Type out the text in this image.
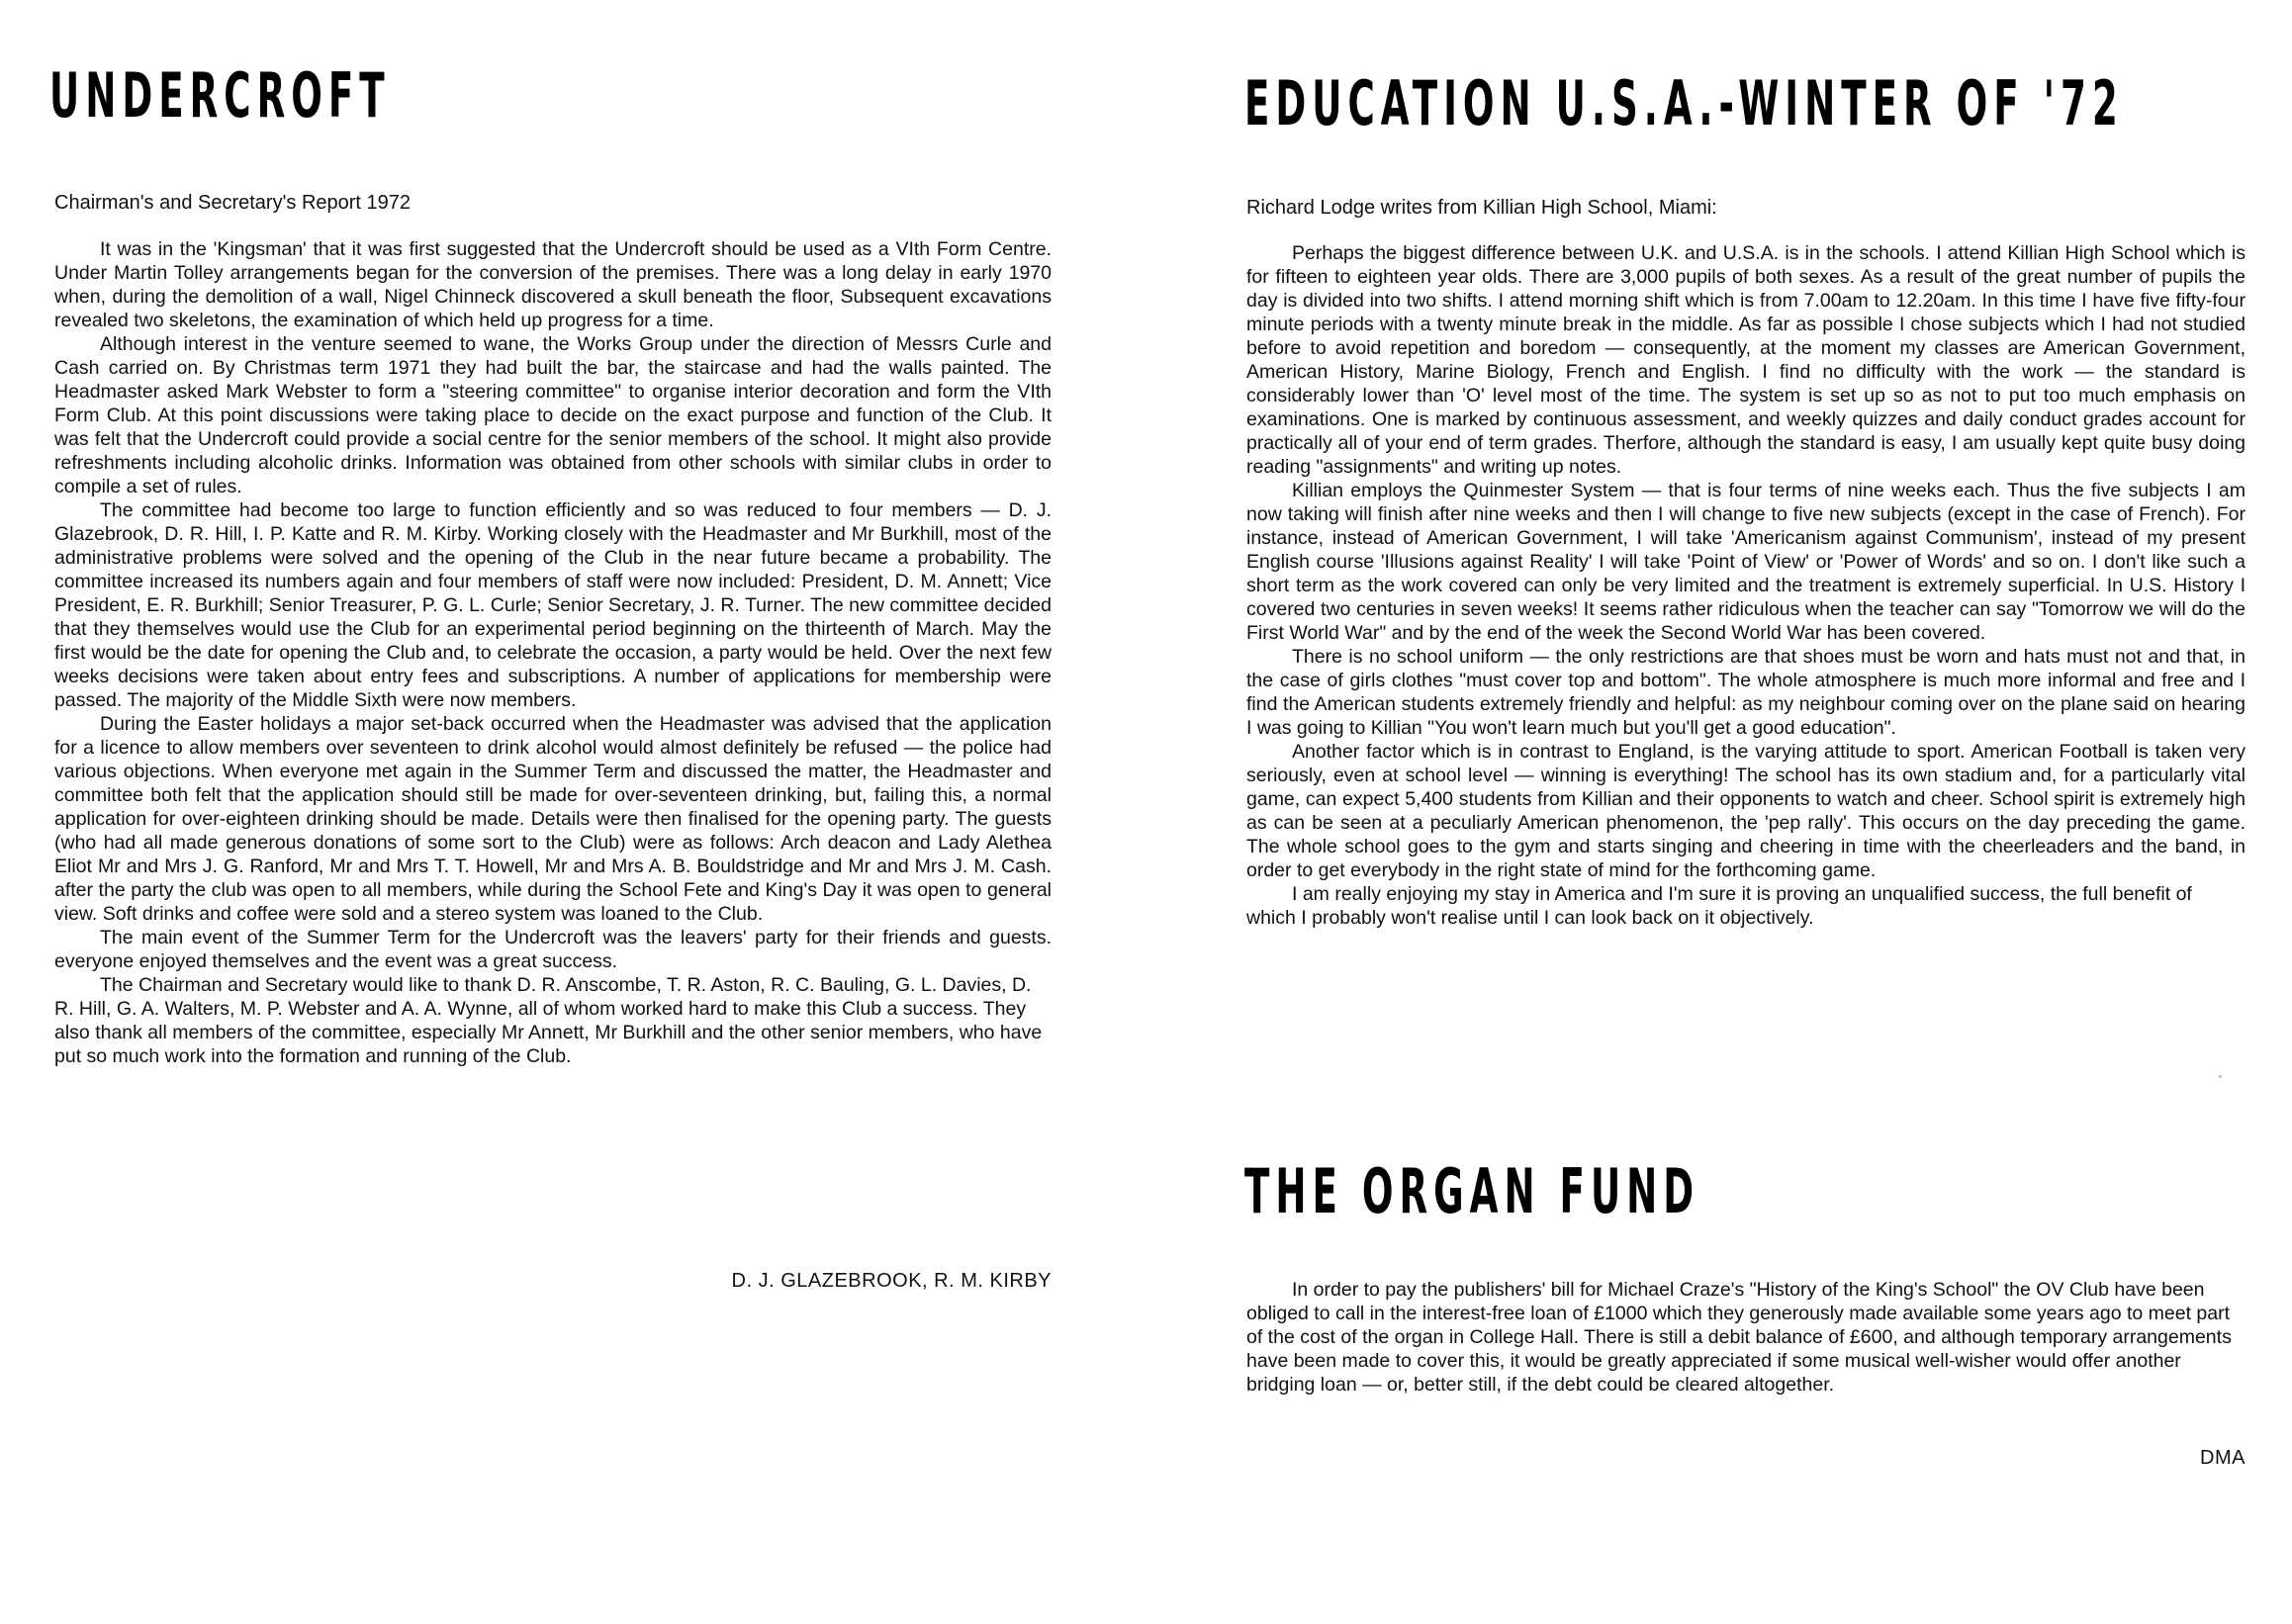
UNDERCROFT

Chairman's and Secretary's Report 1972

It was in the 'Kingsman' that it was first suggested that the Undercroft should be used as a VIth Form Centre. Under Martin Tolley arrangements began for the conversion of the premises. There was a long delay in early 1970 when, during the demolition of a wall, Nigel Chinneck discovered a skull beneath the floor, Subsequent excavations revealed two skeletons, the examination of which held up progress for a time.

Although interest in the venture seemed to wane, the Works Group under the direction of Messrs Curle and Cash carried on. By Christmas term 1971 they had built the bar, the staircase and had the walls painted. The Headmaster asked Mark Webster to form a "steering committee" to organise interior decoration and form the VIth Form Club. At this point discussions were taking place to decide on the exact purpose and function of the Club. It was felt that the Undercroft could provide a social centre for the senior members of the school. It might also provide refreshments including alcoholic drinks. Information was obtained from other schools with similar clubs in order to compile a set of rules.

The committee had become too large to function efficiently and so was reduced to four members — D. J. Glazebrook, D. R. Hill, I. P. Katte and R. M. Kirby. Working closely with the Headmaster and Mr Burkhill, most of the administrative problems were solved and the opening of the Club in the near future became a probability. The committee increased its numbers again and four members of staff were now included: President, D. M. Annett; Vice President, E. R. Burkhill; Senior Treasurer, P. G. L. Curle; Senior Secretary, J. R. Turner. The new committee decided that they themselves would use the Club for an experimental period beginning on the thirteenth of March. May the first would be the date for opening the Club and, to celebrate the occasion, a party would be held. Over the next few weeks decisions were taken about entry fees and subscriptions. A number of applications for membership were passed. The majority of the Middle Sixth were now members.

During the Easter holidays a major set-back occurred when the Headmaster was advised that the application for a licence to allow members over seventeen to drink alcohol would almost definitely be refused — the police had various objections. When everyone met again in the Summer Term and discussed the matter, the Headmaster and committee both felt that the application should still be made for over-seventeen drinking, but, failing this, a normal application for over-eighteen drinking should be made. Details were then finalised for the opening party. The guests (who had all made generous donations of some sort to the Club) were as follows: Arch deacon and Lady Alethea Eliot Mr and Mrs J. G. Ranford, Mr and Mrs T. T. Howell, Mr and Mrs A. B. Bouldstridge and Mr and Mrs J. M. Cash. after the party the club was open to all members, while during the School Fete and King's Day it was open to general view. Soft drinks and coffee were sold and a stereo system was loaned to the Club.

The main event of the Summer Term for the Undercroft was the leavers' party for their friends and guests. everyone enjoyed themselves and the event was a great success.

The Chairman and Secretary would like to thank D. R. Anscombe, T. R. Aston, R. C. Bauling, G. L. Davies, D. R. Hill, G. A. Walters, M. P. Webster and A. A. Wynne, all of whom worked hard to make this Club a success. They also thank all members of the committee, especially Mr Annett, Mr Burkhill and the other senior members, who have put so much work into the formation and running of the Club.

D. J. GLAZEBROOK, R. M. KIRBY

EDUCATION U.S.A.-WINTER OF '72

Richard Lodge writes from Killian High School, Miami:

Perhaps the biggest difference between U.K. and U.S.A. is in the schools. I attend Killian High School which is for fifteen to eighteen year olds. There are 3,000 pupils of both sexes. As a result of the great number of pupils the day is divided into two shifts. I attend morning shift which is from 7.00am to 12.20am. In this time I have five fifty-four minute periods with a twenty minute break in the middle. As far as possible I chose subjects which I had not studied before to avoid repetition and boredom — consequently, at the moment my classes are American Government, American History, Marine Biology, French and English. I find no difficulty with the work — the standard is considerably lower than 'O' level most of the time. The system is set up so as not to put too much emphasis on examinations. One is marked by continuous assessment, and weekly quizzes and daily conduct grades account for practically all of your end of term grades. Therfore, although the standard is easy, I am usually kept quite busy doing reading "assignments" and writing up notes.

Killian employs the Quinmester System — that is four terms of nine weeks each. Thus the five subjects I am now taking will finish after nine weeks and then I will change to five new subjects (except in the case of French). For instance, instead of American Government, I will take 'Americanism against Communism', instead of my present English course 'Illusions against Reality' I will take 'Point of View' or 'Power of Words' and so on. I don't like such a short term as the work covered can only be very limited and the treatment is extremely superficial. In U.S. History I covered two centuries in seven weeks! It seems rather ridiculous when the teacher can say "Tomorrow we will do the First World War" and by the end of the week the Second World War has been covered.

There is no school uniform — the only restrictions are that shoes must be worn and hats must not and that, in the case of girls clothes "must cover top and bottom". The whole atmosphere is much more informal and free and I find the American students extremely friendly and helpful: as my neighbour coming over on the plane said on hearing I was going to Killian "You won't learn much but you'll get a good education".

Another factor which is in contrast to England, is the varying attitude to sport. American Football is taken very seriously, even at school level — winning is everything! The school has its own stadium and, for a particularly vital game, can expect 5,400 students from Killian and their opponents to watch and cheer. School spirit is extremely high as can be seen at a peculiarly American phenomenon, the 'pep rally'. This occurs on the day preceding the game. The whole school goes to the gym and starts singing and cheering in time with the cheerleaders and the band, in order to get everybody in the right state of mind for the forthcoming game.

I am really enjoying my stay in America and I'm sure it is proving an unqualified success, the full benefit of which I probably won't realise until I can look back on it objectively.

THE ORGAN FUND

In order to pay the publishers' bill for Michael Craze's "History of the King's School" the OV Club have been obliged to call in the interest-free loan of £1000 which they generously made available some years ago to meet part of the cost of the organ in College Hall. There is still a debit balance of £600, and although temporary arrangements have been made to cover this, it would be greatly appreciated if some musical well-wisher would offer another bridging loan — or, better still, if the debt could be cleared altogether.

DMA
